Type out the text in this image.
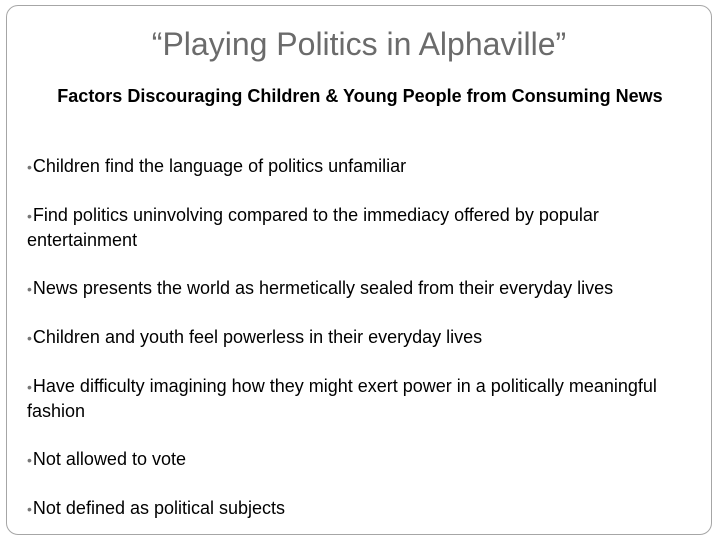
“Playing Politics in Alphaville”
Factors Discouraging Children & Young People from Consuming News
•Children find the language of politics unfamiliar
•Find politics uninvolving compared to the immediacy offered by popular entertainment
•News presents the world as hermetically sealed from their everyday lives
•Children and youth feel powerless in their everyday lives
•Have difficulty imagining how they might exert power in a politically meaningful fashion
•Not allowed to vote
•Not defined as political subjects
